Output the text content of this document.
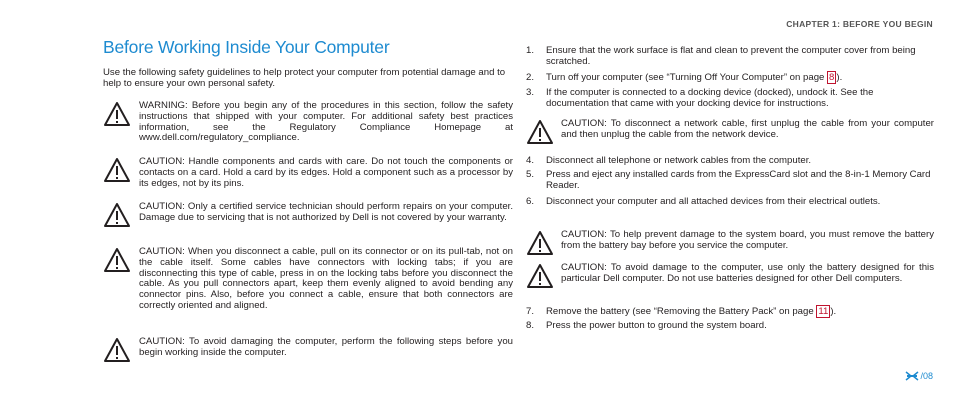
CHAPTER 1: BEFORE YOU BEGIN
Before Working Inside Your Computer
Use the following safety guidelines to help protect your computer from potential damage and to help to ensure your own personal safety.
WARNING: Before you begin any of the procedures in this section, follow the safety instructions that shipped with your computer. For additional safety best practices information, see the Regulatory Compliance Homepage at www.dell.com/regulatory_compliance.
CAUTION: Handle components and cards with care. Do not touch the components or contacts on a card. Hold a card by its edges. Hold a component such as a processor by its edges, not by its pins.
CAUTION: Only a certified service technician should perform repairs on your computer. Damage due to servicing that is not authorized by Dell is not covered by your warranty.
CAUTION: When you disconnect a cable, pull on its connector or on its pull-tab, not on the cable itself. Some cables have connectors with locking tabs; if you are disconnecting this type of cable, press in on the locking tabs before you disconnect the cable. As you pull connectors apart, keep them evenly aligned to avoid bending any connector pins. Also, before you connect a cable, ensure that both connectors are correctly oriented and aligned.
CAUTION: To avoid damaging the computer, perform the following steps before you begin working inside the computer.
1.	Ensure that the work surface is flat and clean to prevent the computer cover from being scratched.
2.	Turn off your computer (see “Turning Off Your Computer” on page 8 ).
3.	If the computer is connected to a docking device (docked), undock it. See the documentation that came with your docking device for instructions.
CAUTION: To disconnect a network cable, first unplug the cable from your computer and then unplug the cable from the network device.
4.	Disconnect all telephone or network cables from the computer.
5.	Press and eject any installed cards from the ExpressCard slot and the 8-in-1 Memory Card Reader.
6.	Disconnect your computer and all attached devices from their electrical outlets.
CAUTION: To help prevent damage to the system board, you must remove the battery from the battery bay before you service the computer.
CAUTION: To avoid damage to the computer, use only the battery designed for this particular Dell computer. Do not use batteries designed for other Dell computers.
7.	Remove the battery (see “Removing the Battery Pack” on page 11 ).
8.	Press the power button to ground the system board.
/08
